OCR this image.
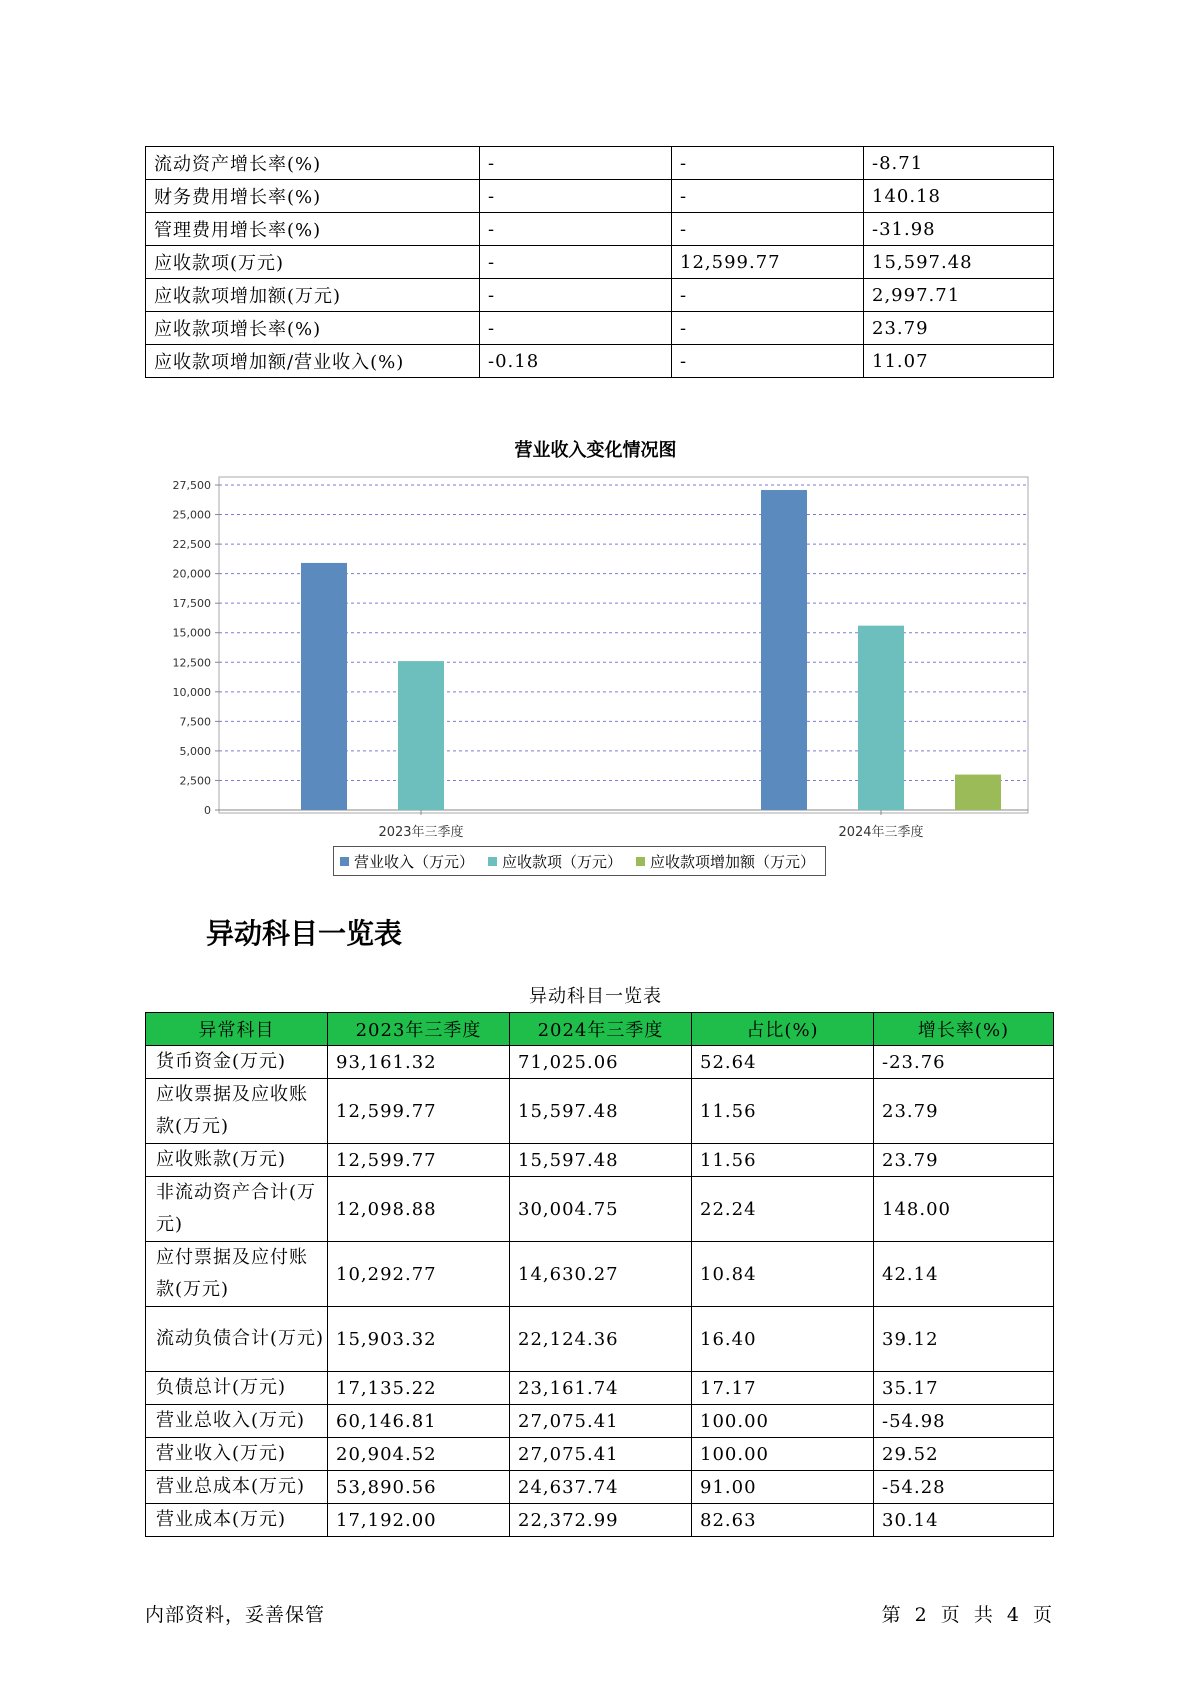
流动资产增长率(%)	-	-	-8.71
财务费用增长率(%)	-	-	140.18
管理费用增长率(%)	-	-	-31.98
应收款项(万元)	-	12,599.77	15,597.48
应收款项增加额(万元)	-	-	2,997.71
应收款项增长率(%)	-	-	23.79
应收款项增加额/营业收入(%)	-0.18	-	11.07
营业收入变化情况图
0
2,500
5,000
7,500
10,000
12,500
15,000
17,500
20,000
22,500
25,000
27,500
2023年三季度	2024年三季度
营业收入（万元） 应收款项（万元） 应收款项增加额（万元）
异动科目一览表
异动科目一览表
异常科目	2023年三季度	2024年三季度	占比(%)	增长率(%)
货币资金(万元)	93,161.32	71,025.06	52.64	-23.76
应收票据及应收账款(万元)	12,599.77	15,597.48	11.56	23.79
应收账款(万元)	12,599.77	15,597.48	11.56	23.79
非流动资产合计(万元)	12,098.88	30,004.75	22.24	148.00
应付票据及应付账款(万元)	10,292.77	14,630.27	10.84	42.14
流动负债合计(万元)	15,903.32	22,124.36	16.40	39.12
负债总计(万元)	17,135.22	23,161.74	17.17	35.17
营业总收入(万元)	60,146.81	27,075.41	100.00	-54.98
营业收入(万元)	20,904.52	27,075.41	100.00	29.52
营业总成本(万元)	53,890.56	24,637.74	91.00	-54.28
营业成本(万元)	17,192.00	22,372.99	82.63	30.14
内部资料，妥善保管	第 2 页 共 4 页
